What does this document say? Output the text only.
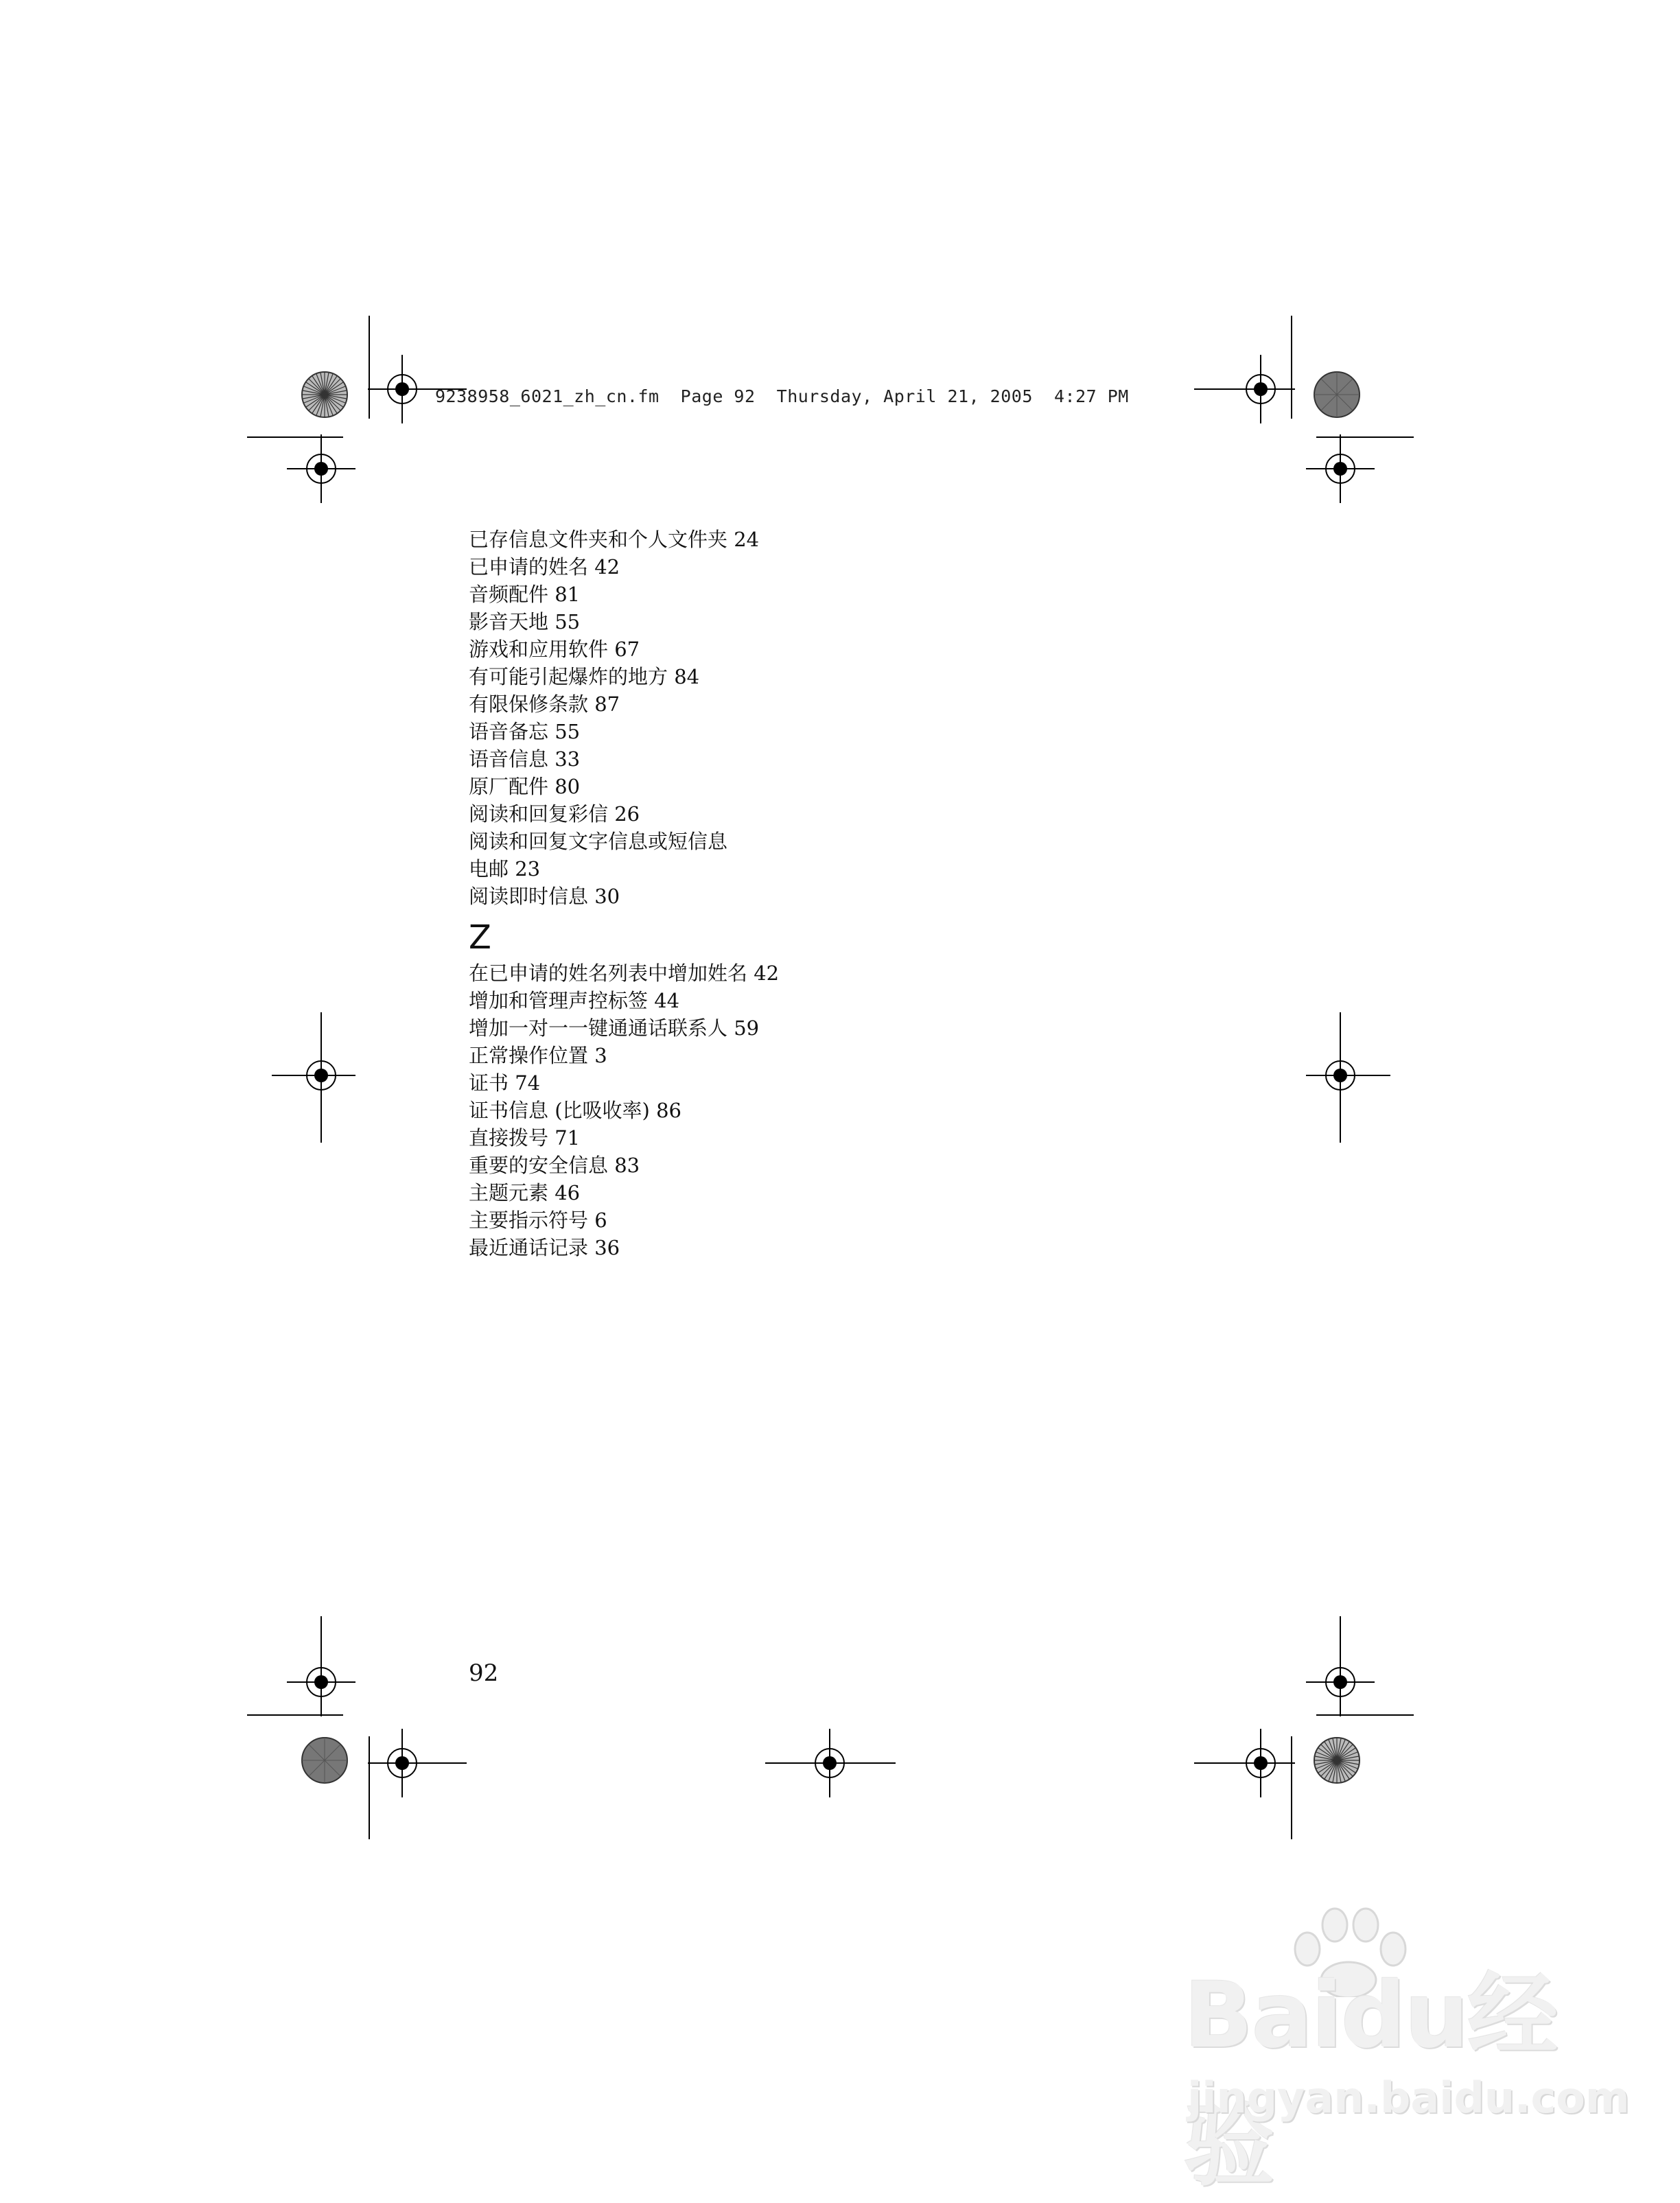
9238958_6021_zh_cn.fm  Page 92  Thursday, April 21, 2005  4:27 PM
已存信息文件夹和个人文件夹 24
已申请的姓名 42
音频配件 81
影音天地 55
游戏和应用软件 67
有可能引起爆炸的地方 84
有限保修条款 87
语音备忘 55
语音信息 33
原厂配件 80
阅读和回复彩信 26
阅读和回复文字信息或短信息
电邮 23
阅读即时信息 30
Z
在已申请的姓名列表中增加姓名 42
增加和管理声控标签 44
增加一对一一键通通话联系人 59
正常操作位置 3
证书 74
证书信息 (比吸收率) 86
直接拨号 71
重要的安全信息 83
主题元素 46
主要指示符号 6
最近通话记录 36
92
Baidu经验
jingyan.baidu.com
